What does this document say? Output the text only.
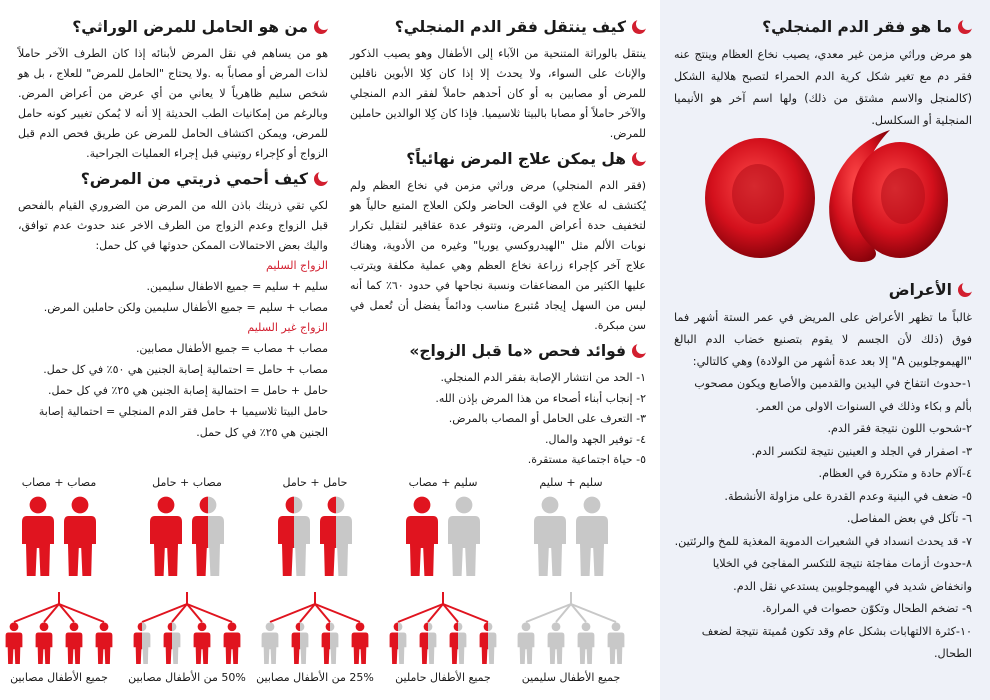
ما هو فقر الدم المنجلي؟

هو مرض وراثي مزمن غير معدي، يصيب نخاع العظام وينتج عنه فقر دم مع تغير شكل كرية الدم الحمراء لتصبح هلالية الشكل (كالمنجل والاسم مشتق من ذلك) ولها اسم آخر هو الأنيميا المنجلية أو السكلسل.

الأعراض

غالباً ما تظهر الأعراض على المريض في عمر الستة أشهر فما فوق (ذلك لأن الجسم لا يقوم بتصنيع خضاب الدم البالغ "الهيموجلوبين A" إلا بعد عدة أشهر من الولادة) وهي كالتالي:

١-حدوث انتفاخ في اليدين والقدمين والأصابع ويكون مصحوب بألم و بكاء وذلك في السنوات الاولى من العمر.
٢-شحوب اللون نتيجة فقر الدم.
٣- اصفرار في الجلد و العينين نتيجة لتكسر الدم.
٤-آلام حادة و متكررة في العظام.
٥- ضعف في البنية وعدم القدرة على مزاولة الأنشطة.
٦- تآكل في بعض المفاصل.
٧- قد يحدث انسداد في الشعيرات الدموية المغذية للمخ والرئتين.
٨-حدوث أزمات مفاجئة نتيجة للتكسر المفاجئ في الخلايا وانخفاض شديد في الهيموجلوبين يستدعي نقل الدم.
٩- تضخم الطحال وتكوّن حصوات في المرارة.
١٠-كثرة الالتهابات بشكل عام وقد تكون مُميتة نتيجة لضعف الطحال.
كيف ينتقل فقر الدم المنجلي؟

ينتقل بالوراثة المتنحية من الآباء إلى الأطفال وهو يصيب الذكور والإناث على السواء، ولا يحدث إلا إذا كان كِلا الأبوين ناقلين للمرض أو مصابين به أو كان أحدهم حاملاً لفقر الدم المنجلي والآخر حاملاً أو مصابا بالبيتا ثلاسيميا. فإذا كان كِلا الوالدين حاملين للمرض.

هل يمكن علاج المرض نهائياً؟

(فقر الدم المنجلي) مرض وراثي مزمن في نخاع العظم ولم يُكتشف له علاج في الوقت الحاضر ولكن العلاج المتبع حالياً هو لتخفيف حدة أعراض المرض، وتتوفر عدة عقاقير لتقليل تكرار نوبات الألم مثل "الهيدروكسي يوريا" وغيره من الأدوية، وهناك علاج آخر كإجراء زراعة نخاع العظم وهي عملية مكلفة ويترتب عليها الكثير من المضاعفات ونسبة نجاحها في حدود ٦٠٪ كما أنه ليس من السهل إيجاد مُتبرع مناسب ودائماً يفضل أن تُعمل في سن مبكرة.

فوائد فحص «ما قبل الزواج»
١- الحد من انتشار الإصابة بفقر الدم المنجلي.
٢- إنجاب أبناء أصحاء من هذا المرض بإذن الله.
٣- التعرف على الحامل أو المصاب بالمرض.
٤- توفير الجهد والمال.
٥- حياة اجتماعية مستقرة.
من هو الحامل للمرض الوراثي؟

هو من يساهم في نقل المرض لأبنائه إذا كان الطرف الآخر حاملاً لذات المرض أو مصاباً به .ولا يحتاج "الحامل للمرض" للعلاج ، بل هو شخص سليم ظاهرياً لا يعاني من أي عرض من أعراض المرض. وبالرغم من إمكانيات الطب الحديثة إلا أنه لا يُمكن تغيير كونه حامل للمرض، ويمكن اكتشاف الحامل للمرض عن طريق فحص الدم قبل الزواج أو كإجراء روتيني قبل إجراء العمليات الجراحية.

كيف أحمي ذريتي من المرض؟

لكي تقي ذريتك باذن الله من المرض من الضروري القيام بالفحص قبل الزواج وعدم الزواج من الطرف الاخر عند حدوث عدم توافق، واليك بعض الاحتمالات الممكن حدوثها في كل حمل:

الزواج السليم
سليم + سليم = جميع الاطفال سليمين.
مصاب + سليم = جميع الأطفال سليمين ولكن حاملين المرض.
الزواج غير السليم
مصاب + مصاب = جميع الأطفال مصابين.
مصاب + حامل = احتمالية إصابة الجنين هي ٥٠٪ في كل حمل.
حامل + حامل = احتمالية إصابة الجنين هي ٢٥٪ في كل حمل.
حامل البيتا ثلاسيميا + حامل فقر الدم المنجلي = احتمالية إصابة الجنين هي ٢٥٪ في كل حمل.
سليم + سليم
جميع الأطفال سليمين
سليم + مصاب
جميع الأطفال حاملين
حامل + حامل
25% من الأطفال مصابين
مصاب + حامل
50% من الأطفال مصابين
مصاب + مصاب
جميع الأطفال مصابين
